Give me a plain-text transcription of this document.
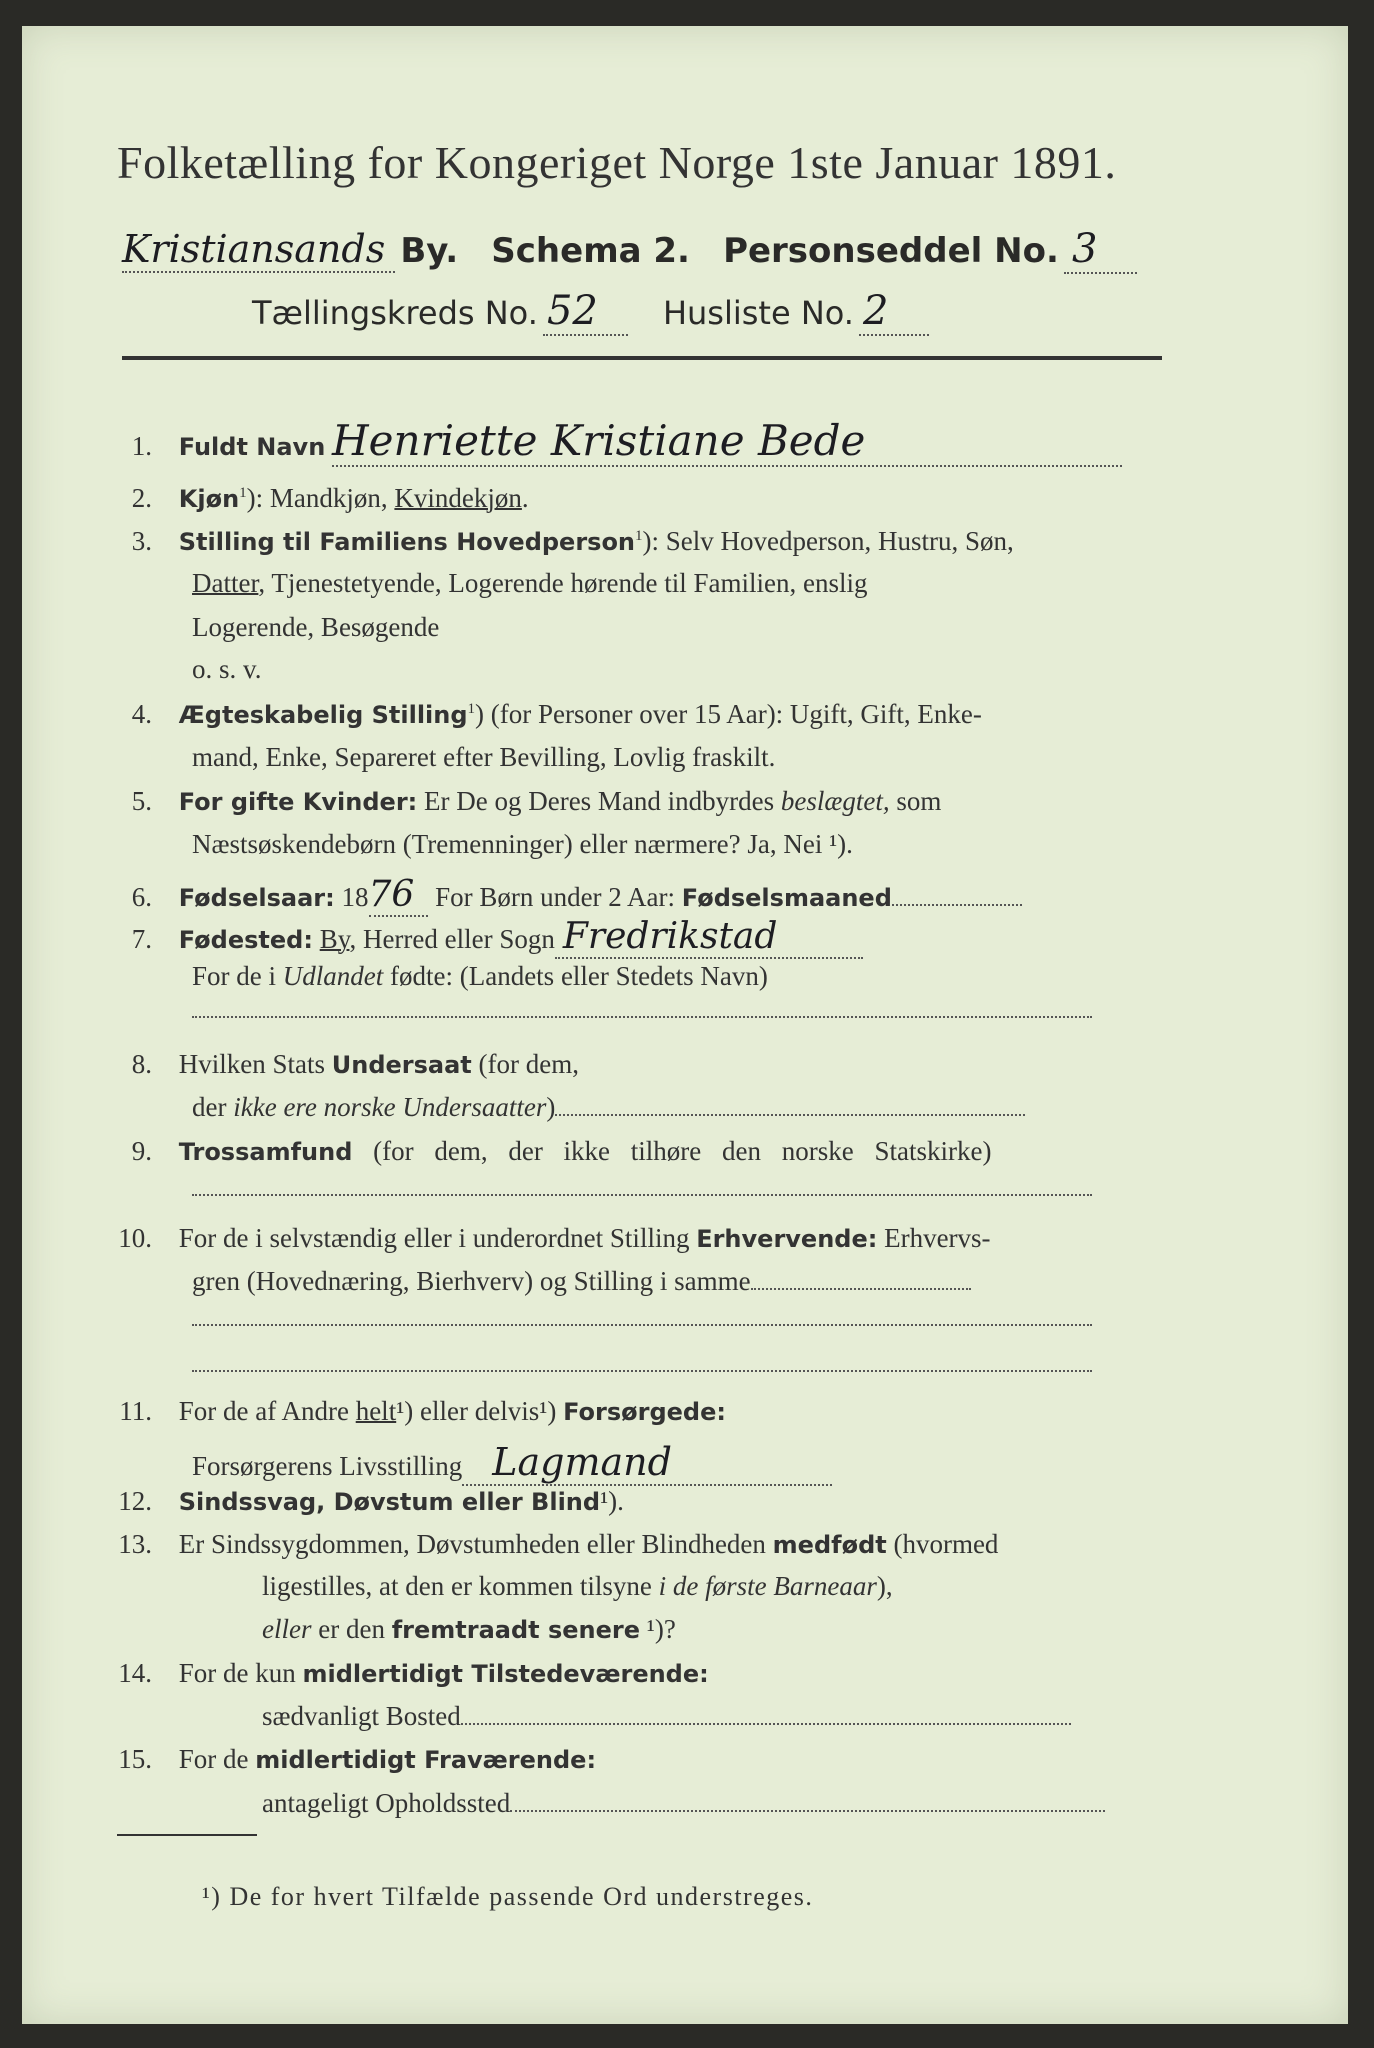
Folketælling for Kongeriget Norge 1ste Januar 1891.
Kristiansands By. Schema 2. Personseddel No. 3
Tællingskreds No. 52 Husliste No. 2
1. Fuldt Navn Henriette Kristiane Bede
2. Kjøn$^1$): Mandkjøn, Kvindekjøn.
3. Stilling til Familiens Hovedperson$^1$): Selv Hovedperson, Hustru, Søn,
Datter, Tjenestetyende, Logerende hørende til Familien, enslig
Logerende, Besøgende
o. s. v.
4. Ægteskabelig Stilling$^1$) (for Personer over 15 Aar): Ugift, Gift, Enke-
mand, Enke, Separeret efter Bevilling, Lovlig fraskilt.
5. For gifte Kvinder: Er De og Deres Mand indbyrdes beslægtet, som
Næstsøskendebørn (Tremenninger) eller nærmere? Ja, Nei ¹).
6. Fødselsaar: 1876 For Børn under 2 Aar: Fødselsmaaned
7. Fødested: By, Herred eller Sogn Fredrikstad
For de i Udlandet fødte: (Landets eller Stedets Navn)
8. Hvilken Stats Undersaat (for dem,
der ikke ere norske Undersaatter)
9. Trossamfund (for dem, der ikke tilhøre den norske Statskirke)
10. For de i selvstændig eller i underordnet Stilling Erhvervende: Erhvervs-
gren (Hovednæring, Bierhverv) og Stilling i samme
11. For de af Andre helt¹) eller delvis¹) Forsørgede:
Forsørgerens Livsstilling Lagmand
12. Sindssvag, Døvstum eller Blind¹).
13. Er Sindssygdommen, Døvstumheden eller Blindheden medfødt (hvormed
ligestilles, at den er kommen tilsyne i de første Barneaar),
eller er den fremtraadt senere ¹)?
14. For de kun midlertidigt Tilstedeværende:
sædvanligt Bosted
15. For de midlertidigt Fraværende:
antageligt Opholdssted
¹) De for hvert Tilfælde passende Ord understreges.
